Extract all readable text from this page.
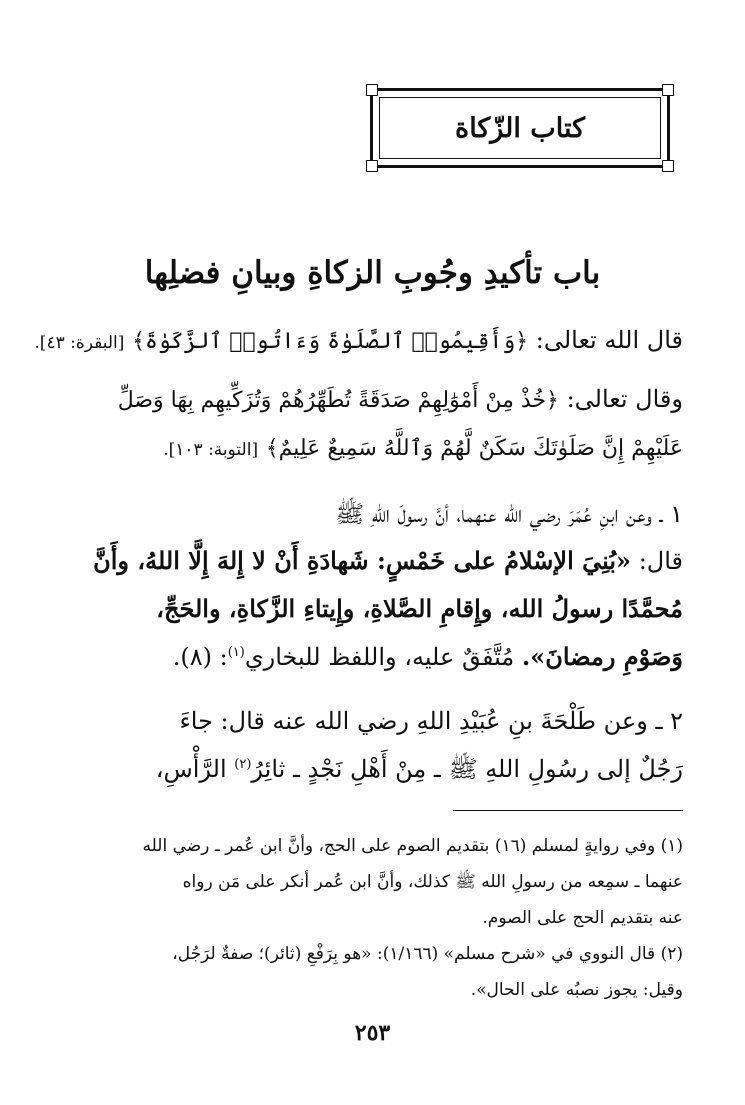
كتاب الزّكاة
باب تأكيدِ وجُوبِ الزكاةِ وبيانِ فضلِها
قال الله تعالى: ﴿وَأَقِيمُوا۟ ٱلصَّلَوٰةَ وَءَاتُوا۟ ٱلزَّكَوٰةَ﴾ [البقرة: ٤٣].
وقال تعالى: ﴿خُذْ مِنْ أَمْوَٰلِهِمْ صَدَقَةً تُطَهِّرُهُمْ وَتُزَكِّيهِم بِهَا وَصَلِّ
عَلَيْهِمْ إِنَّ صَلَوٰتَكَ سَكَنٌ لَّهُمْ وَٱللَّهُ سَمِيعٌ عَلِيمٌ﴾ [التوبة: ١٠٣].
١ ـ وعن ابنِ عُمَرَ رضي الله عنهما، أنَّ رسولَ اللهِ ﷺ
قال: «بُنِيَ الإسْلامُ على خَمْسٍ: شَهادَةِ أَنْ لا إِلهَ إِلَّا اللهُ، وأَنَّ
مُحمَّدًا رسولُ الله، وإِقامِ الصَّلاةِ، وإِيتاءِ الزَّكاةِ، والحَجِّ،
وَصَوْمِ رمضانَ». مُتَّفَقٌ عليه، واللفظ للبخاري$^{(١)}$: (٨).
٢ ـ وعن طَلْحَةَ بنِ عُبَيْدِ اللهِ رضي الله عنه قال: جاءَ
رَجُلٌ إلى رسُولِ اللهِ ﷺ ـ مِنْ أَهْلِ نَجْدٍ ـ ثائِرُ$^{(٢)}$ الرَّأْسِ،
(١) وفي روايةٍ لمسلم (١٦) بتقديم الصوم على الحج، وأنَّ ابن عُمر ـ رضي الله
عنهما ـ سمِعه من رسولِ الله ﷺ كذلك، وأنَّ ابن عُمر أنكر على مَن رواه
عنه بتقديم الحج على الصوم.
(٢) قال النووي في «شرح مسلم» (١/١٦٦): «هو بِرَفْعِ (ثائر)؛ صفةٌ لرَجُل،
وقيل: يجوز نصبُه على الحال».
٢٥٣
